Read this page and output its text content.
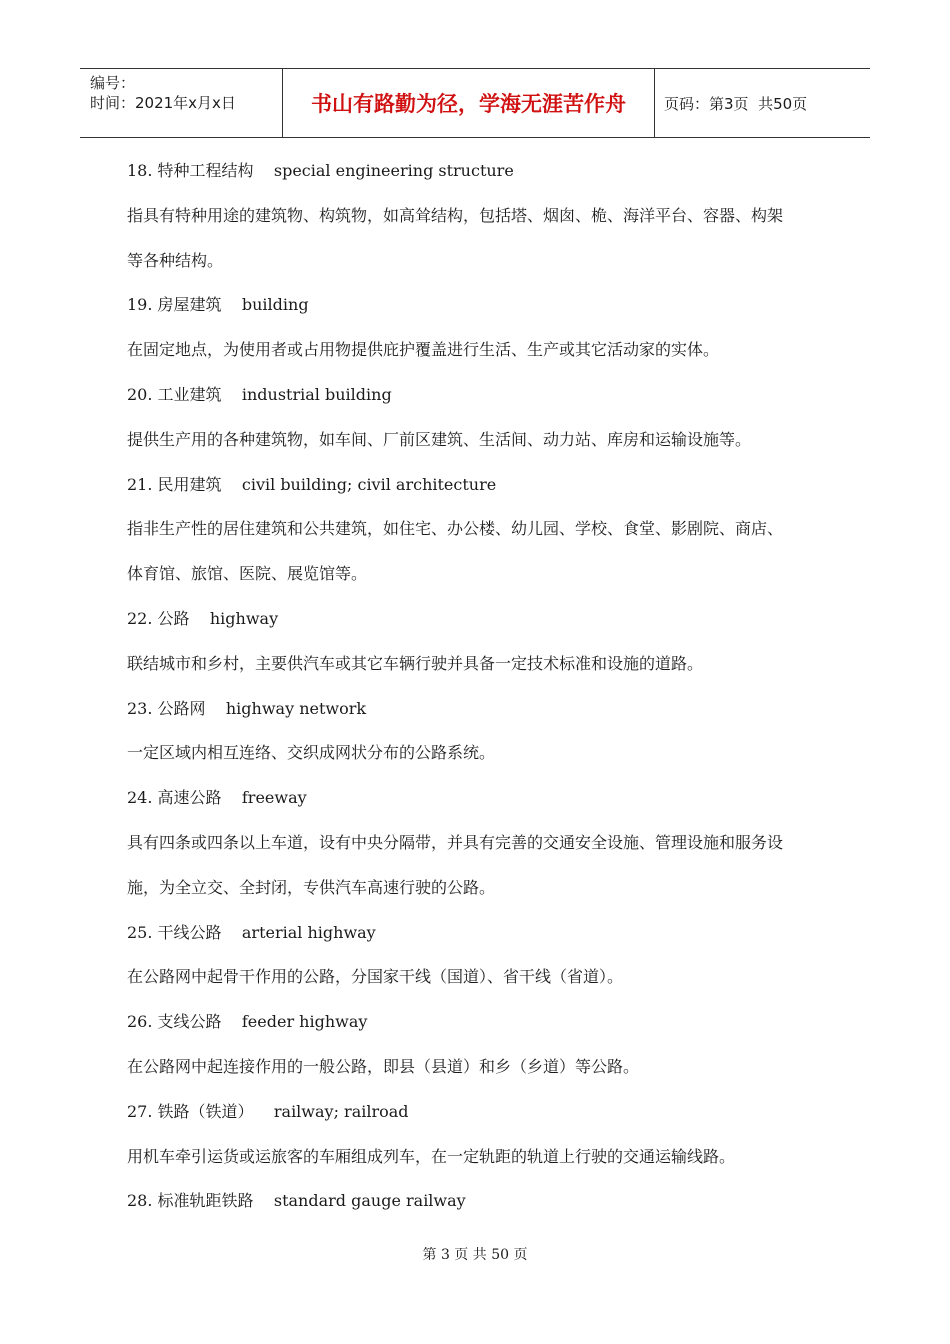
编号：
时间：2021年x月x日	书山有路勤为径，学海无涯苦作舟	页码：第3页  共50页
18. 特种工程结构    special engineering structure
指具有特种用途的建筑物、构筑物，如高耸结构，包括塔、烟囱、桅、海洋平台、容器、构架
等各种结构。
19. 房屋建筑    building
在固定地点，为使用者或占用物提供庇护覆盖进行生活、生产或其它活动家的实体。
20. 工业建筑    industrial building
提供生产用的各种建筑物，如车间、厂前区建筑、生活间、动力站、库房和运输设施等。
21. 民用建筑    civil building; civil architecture
指非生产性的居住建筑和公共建筑，如住宅、办公楼、幼儿园、学校、食堂、影剧院、商店、
体育馆、旅馆、医院、展览馆等。
22. 公路    highway
联结城市和乡村，主要供汽车或其它车辆行驶并具备一定技术标准和设施的道路。
23. 公路网    highway network
一定区域内相互连络、交织成网状分布的公路系统。
24. 高速公路    freeway
具有四条或四条以上车道，设有中央分隔带，并具有完善的交通安全设施、管理设施和服务设
施，为全立交、全封闭，专供汽车高速行驶的公路。
25. 干线公路    arterial highway
在公路网中起骨干作用的公路，分国家干线（国道）、省干线（省道）。
26. 支线公路    feeder highway
在公路网中起连接作用的一般公路，即县（县道）和乡（乡道）等公路。
27. 铁路（铁道）    railway; railroad
用机车牵引运货或运旅客的车厢组成列车，在一定轨距的轨道上行驶的交通运输线路。
28. 标准轨距铁路    standard gauge railway
第 3 页 共 50 页
